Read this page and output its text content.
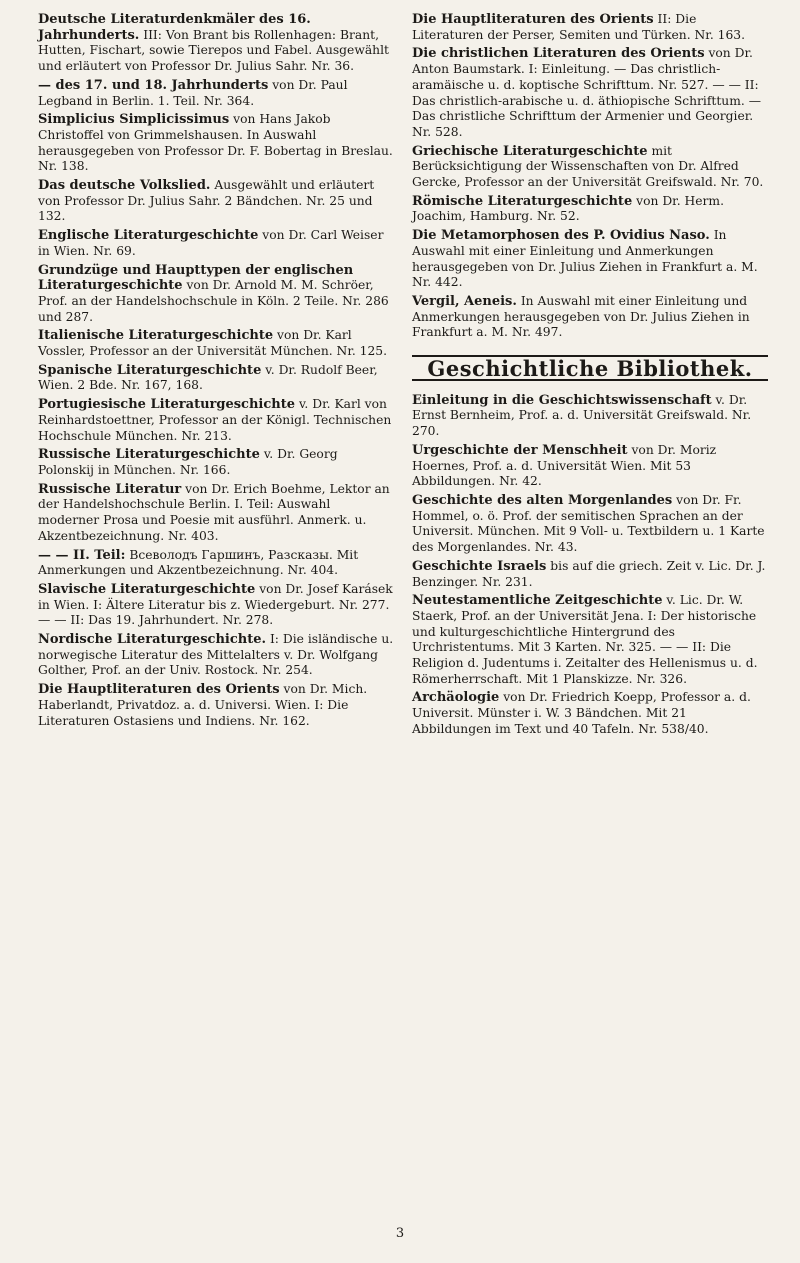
Deutsche Literaturdenkmäler des 16. Jahrhunderts. III: Von Brant bis Rollenhagen: Brant, Hutten, Fischart, sowie Tierepos und Fabel. Ausgewählt und erläutert von Professor Dr. Julius Sahr. Nr. 36.

— des 17. und 18. Jahrhunderts von Dr. Paul Legband in Berlin. 1. Teil. Nr. 364.

Simplicius Simplicissimus von Hans Jakob Christoffel von Grimmelshausen. In Auswahl herausgegeben von Professor Dr. F. Bobertag in Breslau. Nr. 138.

Das deutsche Volkslied. Ausgewählt und erläutert von Professor Dr. Julius Sahr. 2 Bändchen. Nr. 25 und 132.

Englische Literaturgeschichte von Dr. Carl Weiser in Wien. Nr. 69.

Grundzüge und Haupttypen der englischen Literaturgeschichte von Dr. Arnold M. M. Schröer, Prof. an der Handelshochschule in Köln. 2 Teile. Nr. 286 und 287.

Italienische Literaturgeschichte von Dr. Karl Vossler, Professor an der Universität München. Nr. 125.

Spanische Literaturgeschichte v. Dr. Rudolf Beer, Wien. 2 Bde. Nr. 167, 168.

Portugiesische Literaturgeschichte v. Dr. Karl von Reinhardstoettner, Professor an der Königl. Technischen Hochschule München. Nr. 213.

Russische Literaturgeschichte v. Dr. Georg Polonskij in München. Nr. 166.

Russische Literatur von Dr. Erich Boehme, Lektor an der Handelshochschule Berlin. I. Teil: Auswahl moderner Prosa und Poesie mit ausführl. Anmerk. u. Akzentbezeichnung. Nr. 403.

— — II. Teil: Всеволодъ Гаршинъ, Разсказы. Mit Anmerkungen und Akzentbezeichnung. Nr. 404.

Slavische Literaturgeschichte von Dr. Josef Karásek in Wien. I: Ältere Literatur bis z. Wiedergeburt. Nr. 277. — — II: Das 19. Jahrhundert. Nr. 278.

Nordische Literaturgeschichte. I: Die isländische u. norwegische Literatur des Mittelalters v. Dr. Wolfgang Golther, Prof. an der Univ. Rostock. Nr. 254.

Die Hauptliteraturen des Orients von Dr. Mich. Haberlandt, Privatdoz. a. d. Universi. Wien. I: Die Literaturen Ostasiens und Indiens. Nr. 162.

Die Hauptliteraturen des Orients II: Die Literaturen der Perser, Semiten und Türken. Nr. 163.

Die christlichen Literaturen des Orients von Dr. Anton Baumstark. I: Einleitung. — Das christlich-aramäische u. d. koptische Schrifttum. Nr. 527. — — II: Das christlich-arabische u. d. äthiopische Schrifttum. — Das christliche Schrifttum der Armenier und Georgier. Nr. 528.

Griechische Literaturgeschichte mit Berücksichtigung der Wissenschaften von Dr. Alfred Gercke, Professor an der Universität Greifswald. Nr. 70.

Römische Literaturgeschichte von Dr. Herm. Joachim, Hamburg. Nr. 52.

Die Metamorphosen des P. Ovidius Naso. In Auswahl mit einer Einleitung und Anmerkungen herausgegeben von Dr. Julius Ziehen in Frankfurt a. M. Nr. 442.

Vergil, Aeneis. In Auswahl mit einer Einleitung und Anmerkungen herausgegeben von Dr. Julius Ziehen in Frankfurt a. M. Nr. 497.

Geschichtliche Bibliothek.

Einleitung in die Geschichtswissenschaft v. Dr. Ernst Bernheim, Prof. a. d. Universität Greifswald. Nr. 270.

Urgeschichte der Menschheit von Dr. Moriz Hoernes, Prof. a. d. Universität Wien. Mit 53 Abbildungen. Nr. 42.

Geschichte des alten Morgenlandes von Dr. Fr. Hommel, o. ö. Prof. der semitischen Sprachen an der Universit. München. Mit 9 Voll- u. Textbildern u. 1 Karte des Morgenlandes. Nr. 43.

Geschichte Israels bis auf die griech. Zeit v. Lic. Dr. J. Benzinger. Nr. 231.

Neutestamentliche Zeitgeschichte v. Lic. Dr. W. Staerk, Prof. an der Universität Jena. I: Der historische und kulturgeschichtliche Hintergrund des Urchristentums. Mit 3 Karten. Nr. 325. — — II: Die Religion d. Judentums i. Zeitalter des Hellenismus u. d. Römerherrschaft. Mit 1 Planskizze. Nr. 326.

Archäologie von Dr. Friedrich Koepp, Professor a. d. Universit. Münster i. W. 3 Bändchen. Mit 21 Abbildungen im Text und 40 Tafeln. Nr. 538/40.

3
